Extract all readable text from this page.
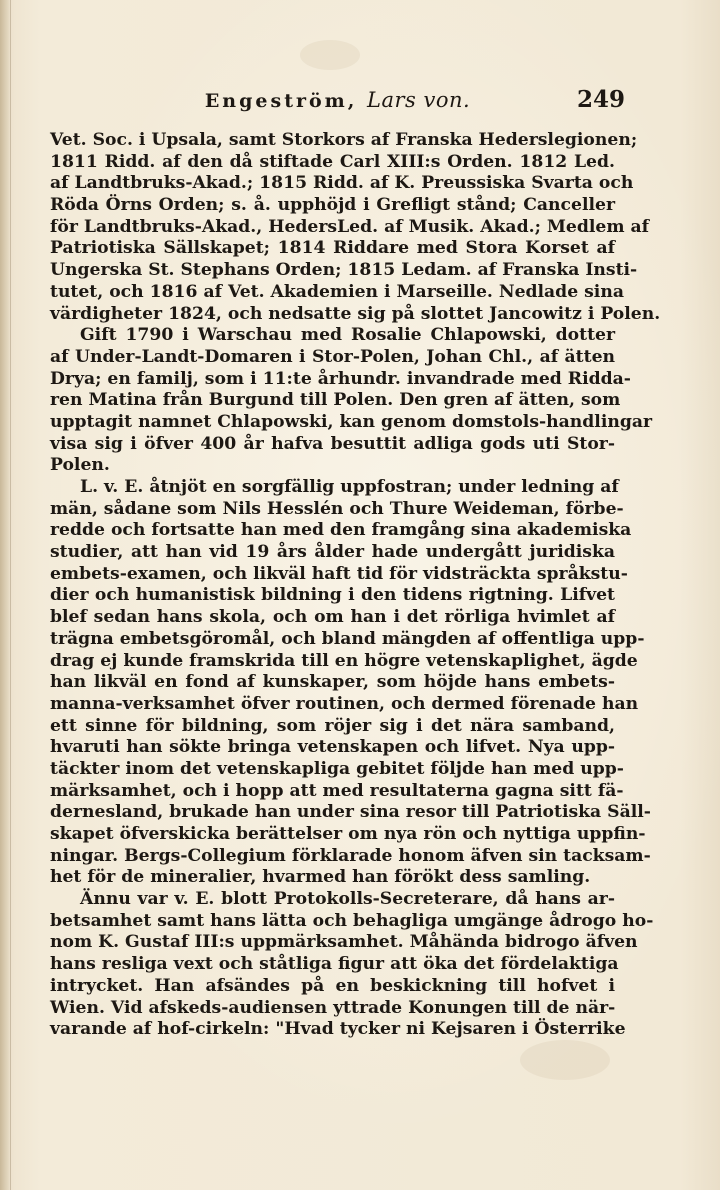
Engeström, Lars von.	249
Vet. Soc. i Upsala, samt Storkors af Franska Hederslegionen;
1811 Ridd. af den då stiftade Carl XIII:s Orden. 1812 Led.
af Landtbruks-Akad.; 1815 Ridd. af K. Preussiska Svarta och
Röda Örns Orden; s. å. upphöjd i Grefligt stånd; Canceller
för Landtbruks-Akad., HedersLed. af Musik. Akad.; Medlem af
Patriotiska Sällskapet; 1814 Riddare med Stora Korset af
Ungerska St. Stephans Orden; 1815 Ledam. af Franska Insti-
tutet, och 1816 af Vet. Akademien i Marseille. Nedlade sina
värdigheter 1824, och nedsatte sig på slottet Jancowitz i Polen.
Gift 1790 i Warschau med Rosalie Chlapowski, dotter
af Under-Landt-Domaren i Stor-Polen, Johan Chl., af ätten
Drya; en familj, som i 11:te århundr. invandrade med Ridda-
ren Matina från Burgund till Polen. Den gren af ätten, som
upptagit namnet Chlapowski, kan genom domstols-handlingar
visa sig i öfver 400 år hafva besuttit adliga gods uti Stor-
Polen.
L. v. E. åtnjöt en sorgfällig uppfostran; under ledning af
män, sådane som Nils Hesslén och Thure Weideman, förbe-
redde och fortsatte han med den framgång sina akademiska
studier, att han vid 19 års ålder hade undergått juridiska
embets-examen, och likväl haft tid för vidsträckta språkstu-
dier och humanistisk bildning i den tidens rigtning. Lifvet
blef sedan hans skola, och om han i det rörliga hvimlet af
trägna embetsgöromål, och bland mängden af offentliga upp-
drag ej kunde framskrida till en högre vetenskaplighet, ägde
han likväl en fond af kunskaper, som höjde hans embets-
manna-verksamhet öfver routinen, och dermed förenade han
ett sinne för bildning, som röjer sig i det nära samband,
hvaruti han sökte bringa vetenskapen och lifvet. Nya upp-
täckter inom det vetenskapliga gebitet följde han med upp-
märksamhet, och i hopp att med resultaterna gagna sitt fä-
dernesland, brukade han under sina resor till Patriotiska Säll-
skapet öfverskicka berättelser om nya rön och nyttiga uppfin-
ningar. Bergs-Collegium förklarade honom äfven sin tacksam-
het för de mineralier, hvarmed han förökt dess samling.
Ännu var v. E. blott Protokolls-Secreterare, då hans ar-
betsamhet samt hans lätta och behagliga umgänge ådrogo ho-
nom K. Gustaf III:s uppmärksamhet. Måhända bidrogo äfven
hans resliga vext och ståtliga figur att öka det fördelaktiga
intrycket. Han afsändes på en beskickning till hofvet i
Wien. Vid afskeds-audiensen yttrade Konungen till de när-
varande af hof-cirkeln: "Hvad tycker ni Kejsaren i Österrike
